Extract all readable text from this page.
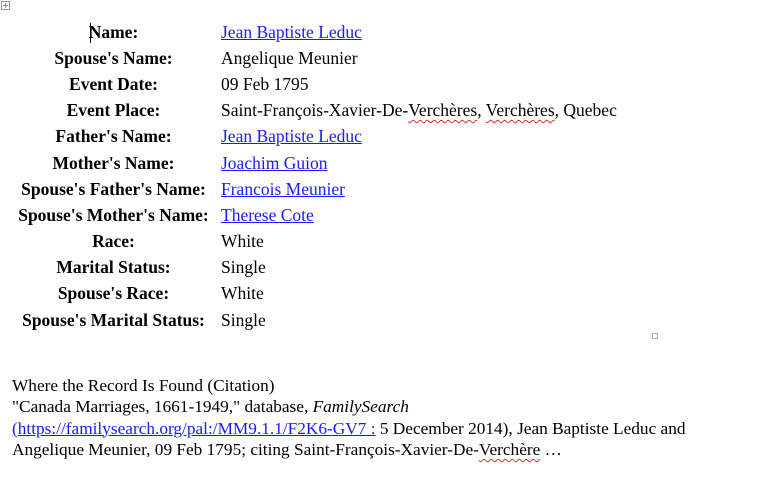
+
Name:	Jean Baptiste Leduc
Spouse's Name:	Angelique Meunier
Event Date:	09 Feb 1795
Event Place:	Saint-François-Xavier-De-Verchères, Verchères, Quebec
Father's Name:	Jean Baptiste Leduc
Mother's Name:	Joachim Guion
Spouse's Father's Name:	Francois Meunier
Spouse's Mother's Name:	Therese Cote
Race:	White
Marital Status:	Single
Spouse's Race:	White
Spouse's Marital Status:	Single
Where the Record Is Found (Citation)
"Canada Marriages, 1661-1949," database, FamilySearch
(https://familysearch.org/pal:/MM9.1.1/F2K6-GV7 : 5 December 2014), Jean Baptiste Leduc and
Angelique Meunier, 09 Feb 1795; citing Saint-François-Xavier-De-Verchère …
